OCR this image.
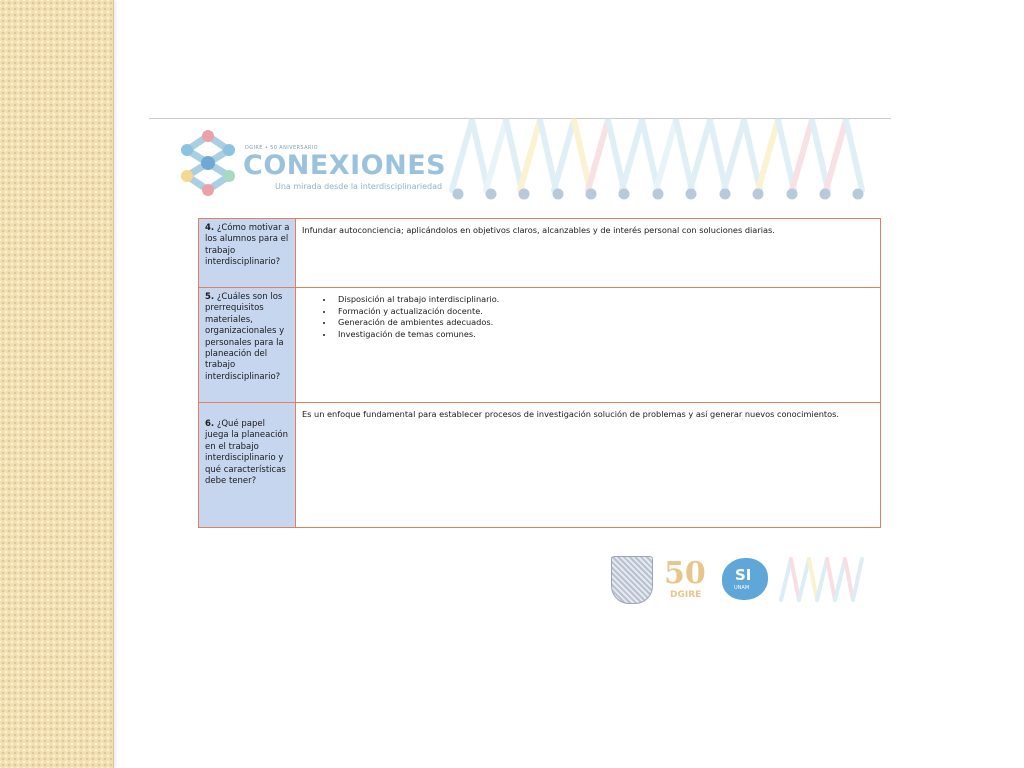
DGIRE • 50 ANIVERSARIO
CONEXIONES
Una mirada desde la interdisciplinariedad
4. ¿Cómo motivar a los alumnos para el trabajo interdisciplinario?
Infundar autoconciencia; aplicándolos en objetivos claros, alcanzables y de interés personal con soluciones diarias.
5. ¿Cuáles son los prerrequisitos materiales, organizacionales y personales para la planeación del trabajo interdisciplinario?
• Disposición al trabajo interdisciplinario.
• Formación y actualización docente.
• Generación de ambientes adecuados.
• Investigación de temas comunes.
6. ¿Qué papel juega la planeación en el trabajo interdisciplinario y qué características debe tener?
Es un enfoque fundamental para establecer procesos de investigación solución de problemas y así generar nuevos conocimientos.
50
DGIRE
SI
UNAM
